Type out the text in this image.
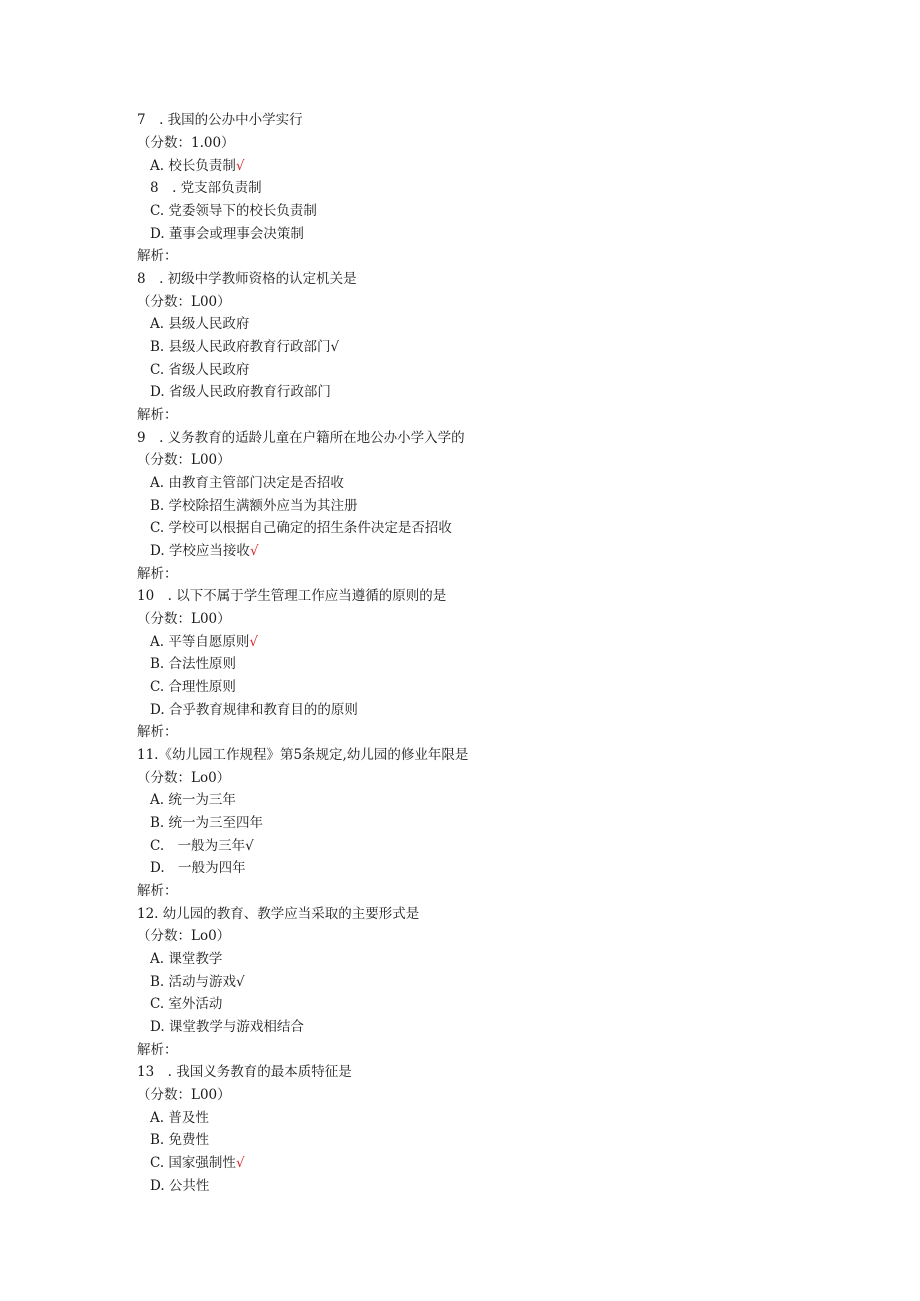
7　. 我国的公办中小学实行
（分数：1.00）
A. 校长负责制√
8　. 党支部负责制
C. 党委领导下的校长负责制
D. 董事会或理事会决策制
解析：
8　. 初级中学教师资格的认定机关是
（分数：L00）
A. 县级人民政府
B. 县级人民政府教育行政部门√
C. 省级人民政府
D. 省级人民政府教育行政部门
解析：
9　. 义务教育的适龄儿童在户籍所在地公办小学入学的
（分数：L00）
A. 由教育主管部门决定是否招收
B. 学校除招生满额外应当为其注册
C. 学校可以根据自己确定的招生条件决定是否招收
D. 学校应当接收√
解析：
10　. 以下不属于学生管理工作应当遵循的原则的是
（分数：L00）
A. 平等自愿原则√
B. 合法性原则
C. 合理性原则
D. 合乎教育规律和教育目的的原则
解析：
11.《幼儿园工作规程》第5条规定,幼儿园的修业年限是
（分数：Lo0）
A. 统一为三年
B. 统一为三至四年
C.　一般为三年√
D.　一般为四年
解析：
12. 幼儿园的教育、教学应当采取的主要形式是
（分数：Lo0）
A. 课堂教学
B. 活动与游戏√
C. 室外活动
D. 课堂教学与游戏相结合
解析：
13　. 我国义务教育的最本质特征是
（分数：L00）
A. 普及性
B. 免费性
C. 国家强制性√
D. 公共性
